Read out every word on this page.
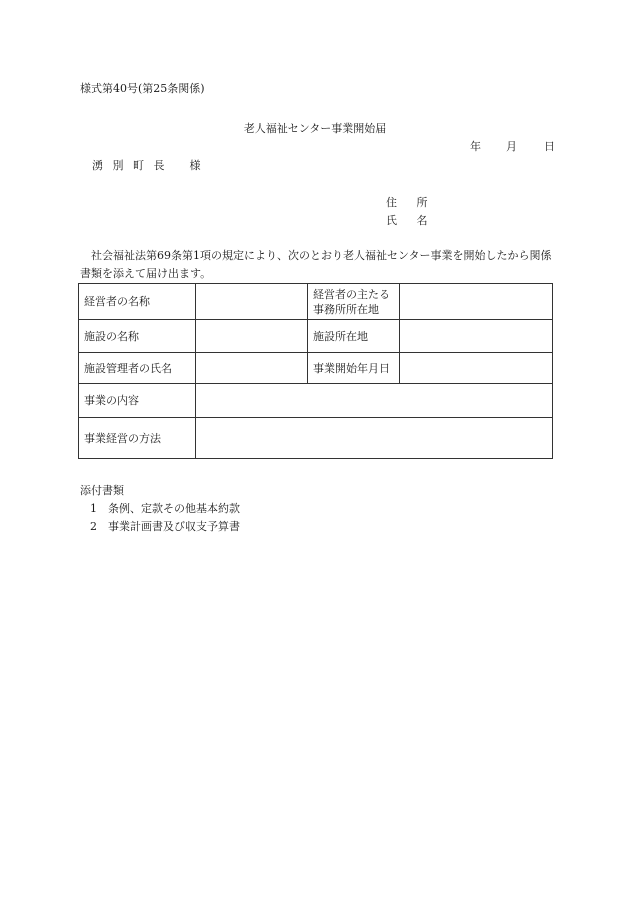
様式第40号(第25条関係)
老人福祉センター事業開始届
年 月 日
湧 別 町 長 様
住 所
氏 名
社会福祉法第69条第1項の規定により、次のとおり老人福祉センター事業を開始したから関係書類を添えて届け出ます。
経営者の名称		経営者の主たる
事務所所在地	

施設の名称		施設所在地	
施設管理者の氏名		事業開始年月日	
事業の内容			
事業経営の方法			
添付書類
1 条例、定款その他基本約款
2 事業計画書及び収支予算書
